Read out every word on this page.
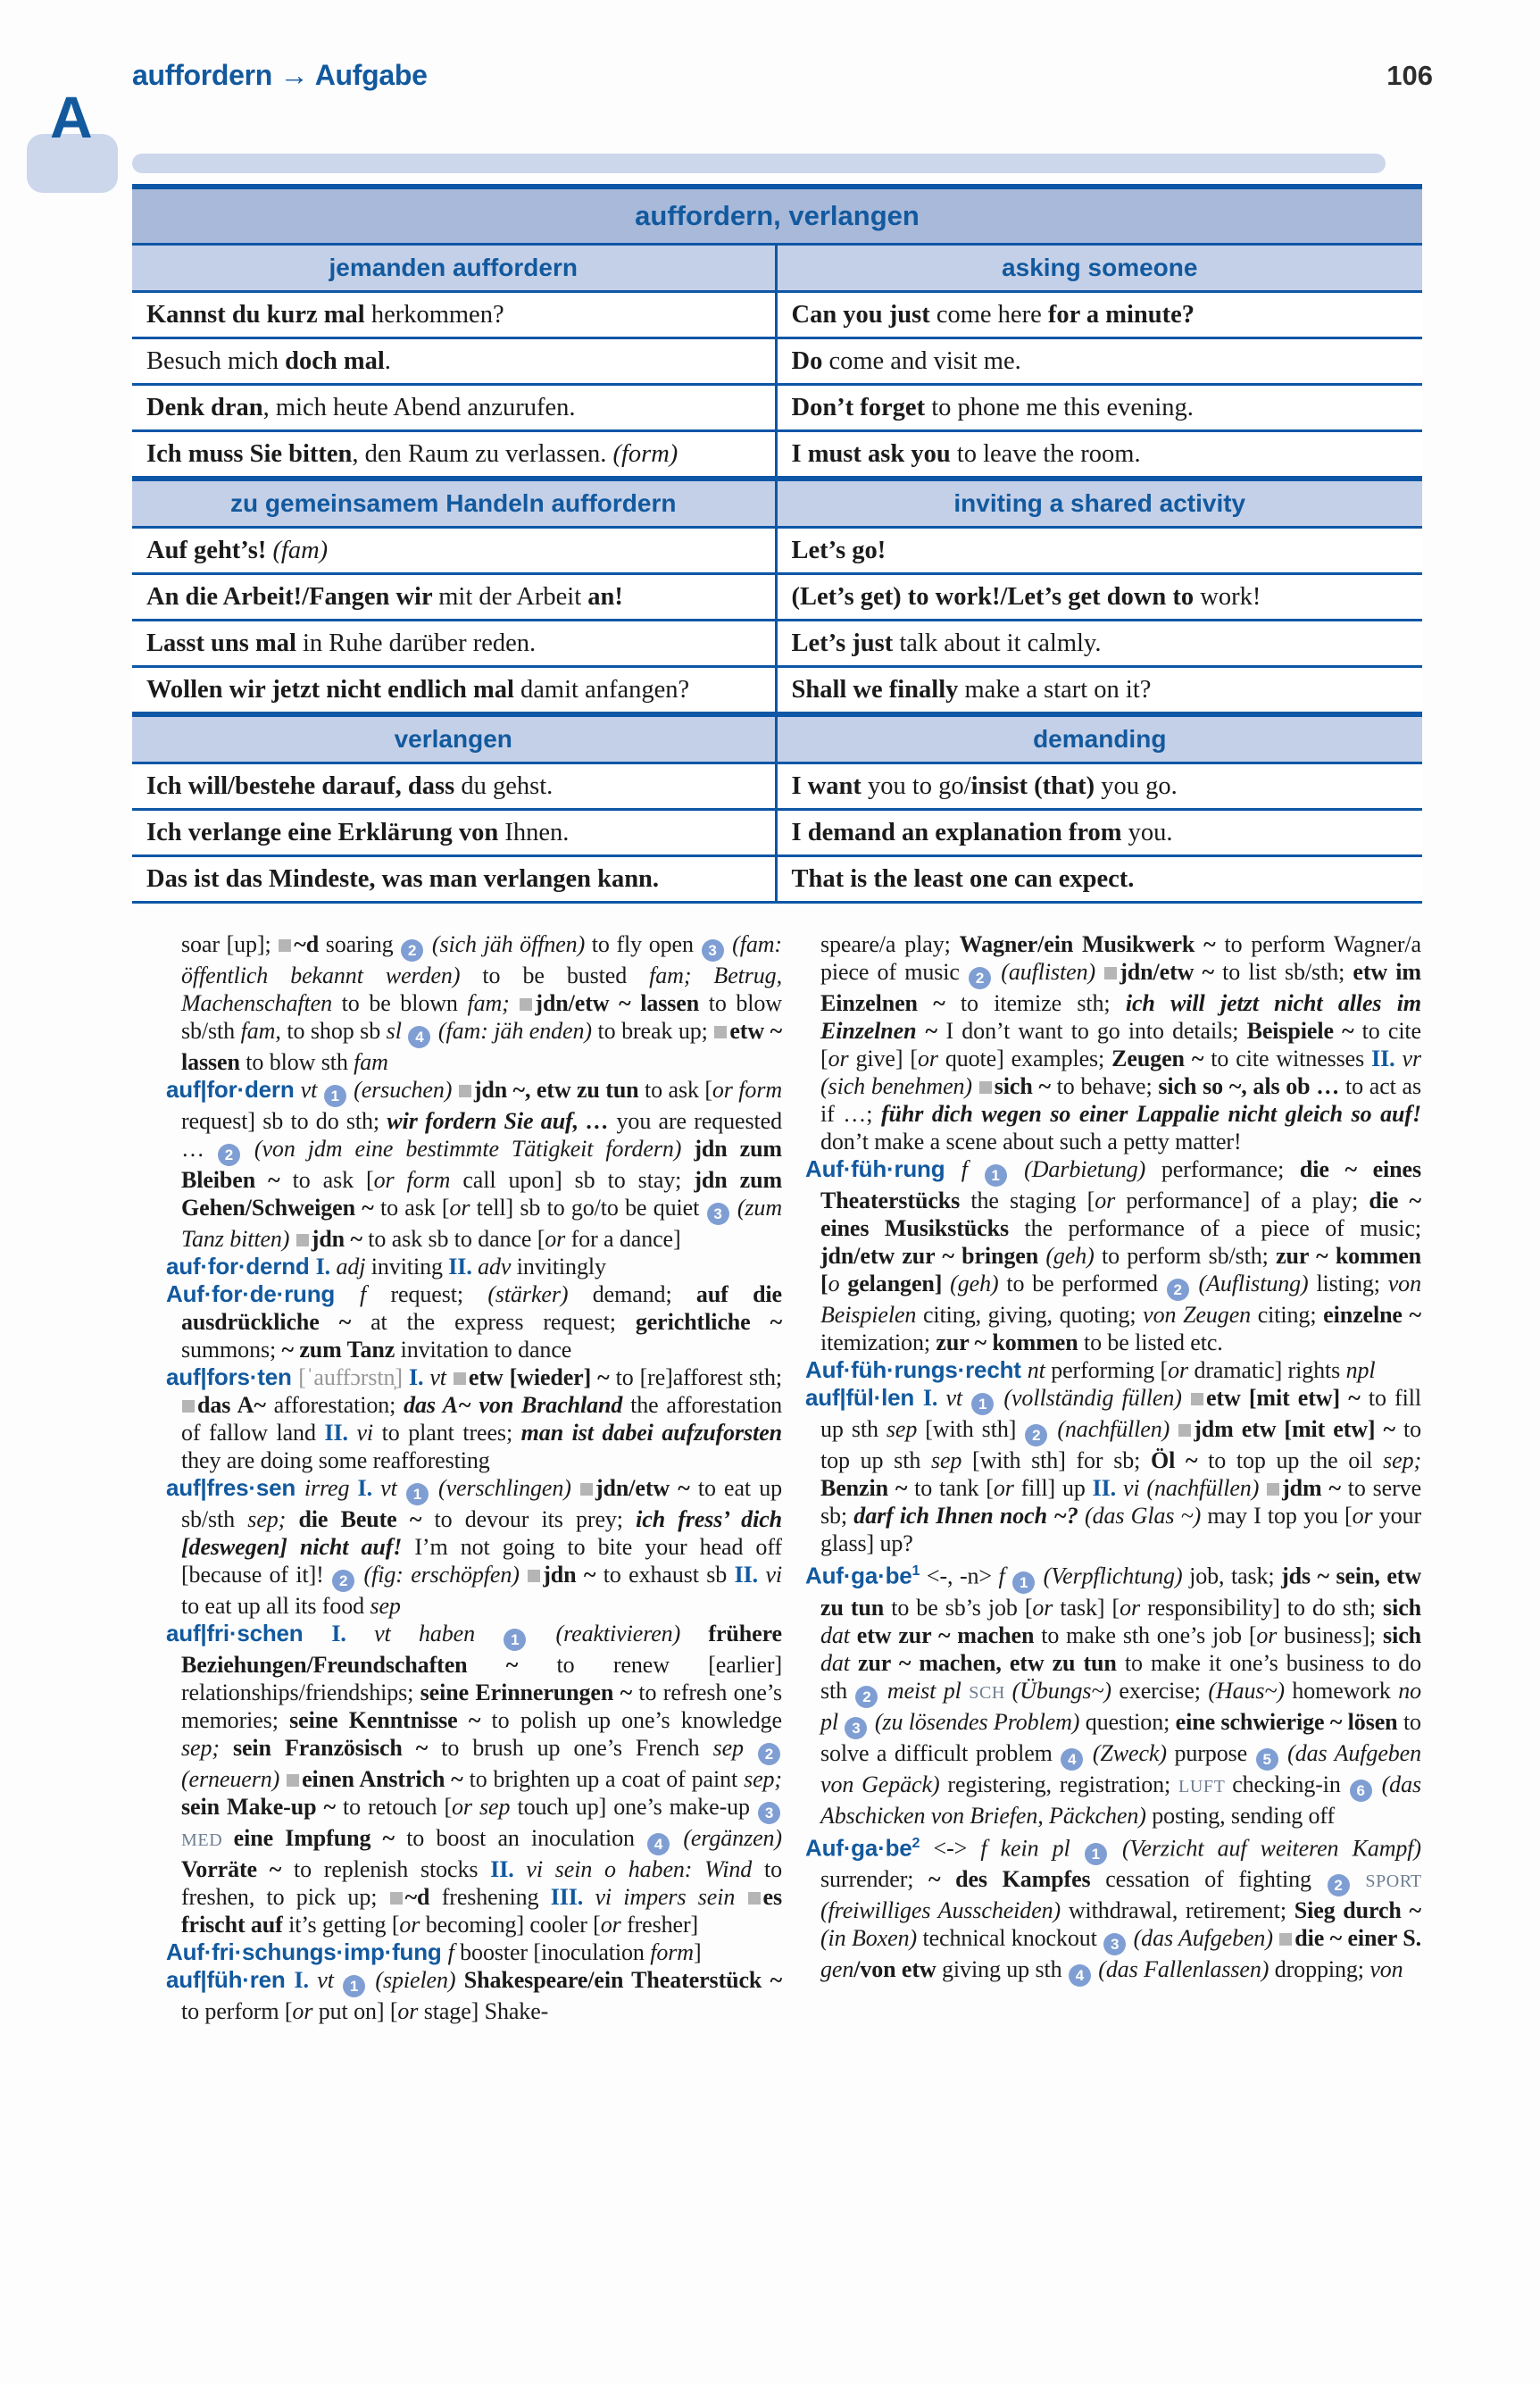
auffordern → Aufgabe	106
A
auffordern, verlangen
jemanden auffordern	asking someone
Kannst du kurz mal herkommen?	Can you just come here for a minute?
Besuch mich doch mal.	Do come and visit me.
Denk dran, mich heute Abend anzurufen.	Don’t forget to phone me this evening.
Ich muss Sie bitten, den Raum zu verlassen. (form)	I must ask you to leave the room.
zu gemeinsamem Handeln auffordern	inviting a shared activity
Auf geht’s! (fam)	Let’s go!
An die Arbeit!/Fangen wir mit der Arbeit an!	(Let’s get) to work!/Let’s get down to work!
Lasst uns mal in Ruhe darüber reden.	Let’s just talk about it calmly.
Wollen wir jetzt nicht endlich mal damit anfangen?	Shall we finally make a start on it?
verlangen	demanding
Ich will/bestehe darauf, dass du gehst.	I want you to go/insist (that) you go.
Ich verlange eine Erklärung von Ihnen.	I demand an explanation from you.
Das ist das Mindeste, was man verlangen kann.	That is the least one can expect.
soar [up]; ~d soaring 2 (sich jäh öffnen) to fly open 3 (fam: öffentlich bekannt werden) to be busted fam; Betrug, Machenschaften to be blown fam; jdn/etw ~ lassen to blow sb/sth fam, to shop sb sl 4 (fam: jäh enden) to break up; etw ~ lassen to blow sth fam
auf|for·dern vt 1 (ersuchen) jdn ~, etw zu tun to ask [or form request] sb to do sth; wir fordern Sie auf, … you are requested … 2 (von jdm eine bestimmte Tätigkeit fordern) jdn zum Bleiben ~ to ask [or form call upon] sb to stay; jdn zum Gehen/Schweigen ~ to ask [or tell] sb to go/to be quiet 3 (zum Tanz bitten) jdn ~ to ask sb to dance [or for a dance]
auf·for·dernd I. adj inviting II. adv invitingly
Auf·for·de·rung f request; (stärker) demand; auf die ausdrückliche ~ at the express request; gerichtliche ~ summons; ~ zum Tanz invitation to dance
auf|fors·ten [ˈauffɔrstn̩] I. vt etw [wieder] ~ to [re]afforest sth; das A~ afforestation; das A~ von Brachland the afforestation of fallow land II. vi to plant trees; man ist dabei aufzuforsten they are doing some reafforesting
auf|fres·sen irreg I. vt 1 (verschlingen) jdn/etw ~ to eat up sb/sth sep; die Beute ~ to devour its prey; ich fress’ dich [deswegen] nicht auf! I’m not going to bite your head off [because of it]! 2 (fig: erschöpfen) jdn ~ to exhaust sb II. vi to eat up all its food sep
auf|fri·schen I. vt haben 1 (reaktivieren) frühere Beziehungen/Freundschaften ~ to renew [earlier] relationships/friendships; seine Erinnerungen ~ to refresh one’s memories; seine Kenntnisse ~ to polish up one’s knowledge sep; sein Französisch ~ to brush up one’s French sep 2 (erneuern) einen Anstrich ~ to brighten up a coat of paint sep; sein Make-up ~ to retouch [or sep touch up] one’s make-up 3 MED eine Impfung ~ to boost an inoculation 4 (ergänzen) Vorräte ~ to replenish stocks II. vi sein o haben: Wind to freshen, to pick up; ~d freshening III. vi impers sein es frischt auf it’s getting [or becoming] cooler [or fresher]
Auf·fri·schungs·imp·fung f booster [inoculation form]
auf|füh·ren I. vt 1 (spielen) Shakespeare/ein Theaterstück ~ to perform [or put on] [or stage] Shake-
speare/a play; Wagner/ein Musikwerk ~ to perform Wagner/a piece of music 2 (auflisten) jdn/etw ~ to list sb/sth; etw im Einzelnen ~ to itemize sth; ich will jetzt nicht alles im Einzelnen ~ I don’t want to go into details; Beispiele ~ to cite [or give] [or quote] examples; Zeugen ~ to cite witnesses II. vr (sich benehmen) sich ~ to behave; sich so ~, als ob … to act as if …; führ dich wegen so einer Lappalie nicht gleich so auf! don’t make a scene about such a petty matter!
Auf·füh·rung f 1 (Darbietung) performance; die ~ eines Theaterstücks the staging [or performance] of a play; die ~ eines Musikstücks the performance of a piece of music; jdn/etw zur ~ bringen (geh) to perform sb/sth; zur ~ kommen [o gelangen] (geh) to be performed 2 (Auflistung) listing; von Beispielen citing, giving, quoting; von Zeugen citing; einzelne ~ itemization; zur ~ kommen to be listed etc.
Auf·füh·rungs·recht nt performing [or dramatic] rights npl
auf|fül·len I. vt 1 (vollständig füllen) etw [mit etw] ~ to fill up sth sep [with sth] 2 (nachfüllen) jdm etw [mit etw] ~ to top up sth sep [with sth] for sb; Öl ~ to top up the oil sep; Benzin ~ to tank [or fill] up II. vi (nachfüllen) jdm ~ to serve sb; darf ich Ihnen noch ~? (das Glas ~) may I top you [or your glass] up?
$Auf\cdot ga\cdot be^1$ <-, -n> f 1 (Verpflichtung) job, task; jds ~ sein, etw zu tun to be sb’s job [or task] [or responsibility] to do sth; sich dat etw zur ~ machen to make sth one’s job [or business]; sich dat zur ~ machen, etw zu tun to make it one’s business to do sth 2 meist pl SCH (Übungs~) exercise; (Haus~) homework no pl 3 (zu lösendes Problem) question; eine schwierige ~ lösen to solve a difficult problem 4 (Zweck) purpose 5 (das Aufgeben von Gepäck) registering, registration; LUFT checking-in 6 (das Abschicken von Briefen, Päckchen) posting, sending off
$Auf\cdot ga\cdot be^2$ <-> f kein pl 1 (Verzicht auf weiteren Kampf) surrender; ~ des Kampfes cessation of fighting 2 SPORT (freiwilliges Ausscheiden) withdrawal, retirement; Sieg durch ~ (in Boxen) technical knockout 3 (das Aufgeben) die ~ einer S. gen/von etw giving up sth 4 (das Fallenlassen) dropping; von
